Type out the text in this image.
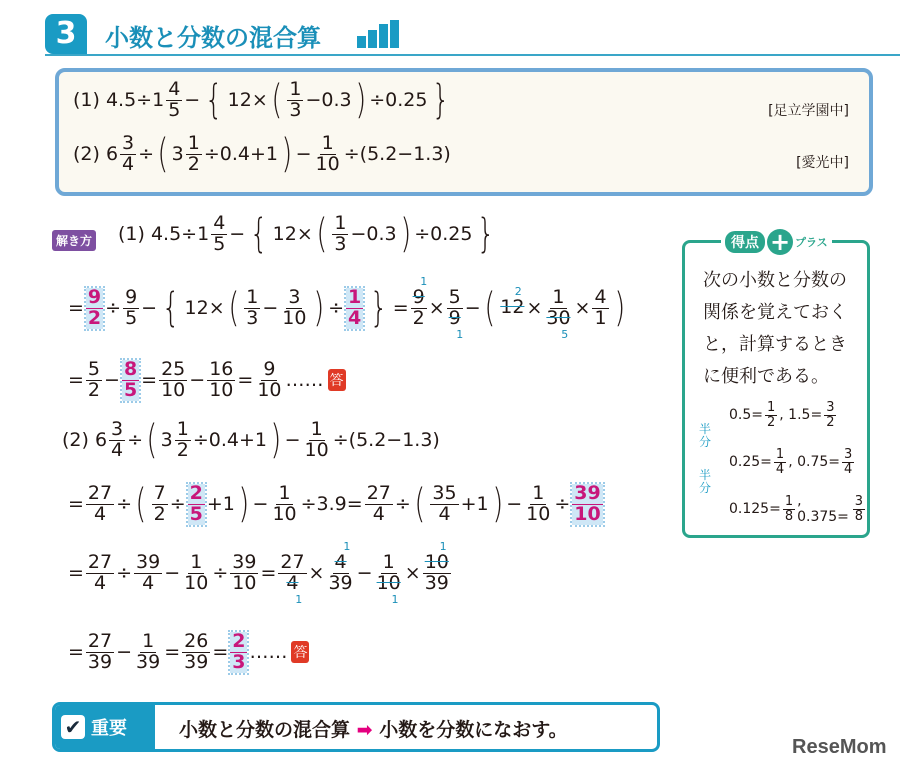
3	小数と分数の混合算
(1) $4.5\div 1 \frac{4}{5}$ − { 12× ( $\frac{1}{3} -0.3$ ) ÷0.25 }	[足立学園中]
(2) $6 \frac{3}{4}$ ÷ ( $3 \frac{1}{2} \div 0.4+1$ ) − $\frac{1}{10} \div(5.2-1.3)$	[愛光中]
解き方 (1) $4.5\div 1 \frac{4}{5}$ − { 12× ( $\frac{1}{3} -0.3$ ) ÷0.25 }
= $\frac{9}{2} \div \frac{9}{5}$ − { 12× ( $\frac{1}{3} - \frac{3}{10}$ ) ÷ $\frac{1}{4}$ } =
9
2
1
×
5
9
1
− ( 12
2
×
1
30
5
× $\frac{4}{1}$ )
= $\frac{5}{2} - \frac{8}{5} = \frac{25}{10} - \frac{16}{10} = \frac{9}{10}$ …… 答
(2) $6 \frac{3}{4}$ ÷ ( $3 \frac{1}{2} \div 0.4+1$ ) − $\frac{1}{10} \div(5.2-1.3)$
= $\frac{27}{4}$ ÷ ( $\frac{7}{2} \div \frac{2}{5} +1$ ) − $\frac{1}{10} \div 3.9= \frac{27}{4}$ ÷ ( $\frac{35}{4} +1$ ) − $\frac{1}{10} \div \frac{39}{10}$
= $\frac{27}{4} \div \frac{39}{4} - \frac{1}{10} \div \frac{39}{10}$ =
27
4
1
×
4
39
1
−
1
10
1
×
10
39
1
= $\frac{27}{39} - \frac{1}{39} = \frac{26}{39} = \frac{2}{3}$ …… 答
得点 + プラス
次の小数と分数の関係を覚えておくと，計算するときに便利である。
半分
半分
$0.5= \frac{1}{2}$ , $1.5= \frac{3}{2}$
$0.25= \frac{1}{4}$ , $0.75= \frac{3}{4}$
$0.125= \frac{1}{8}$ , $0.375= \frac{3}{8}$
✔ 重要	小数と分数の混合算 ➡ 小数を分数になおす。
ReseMom
